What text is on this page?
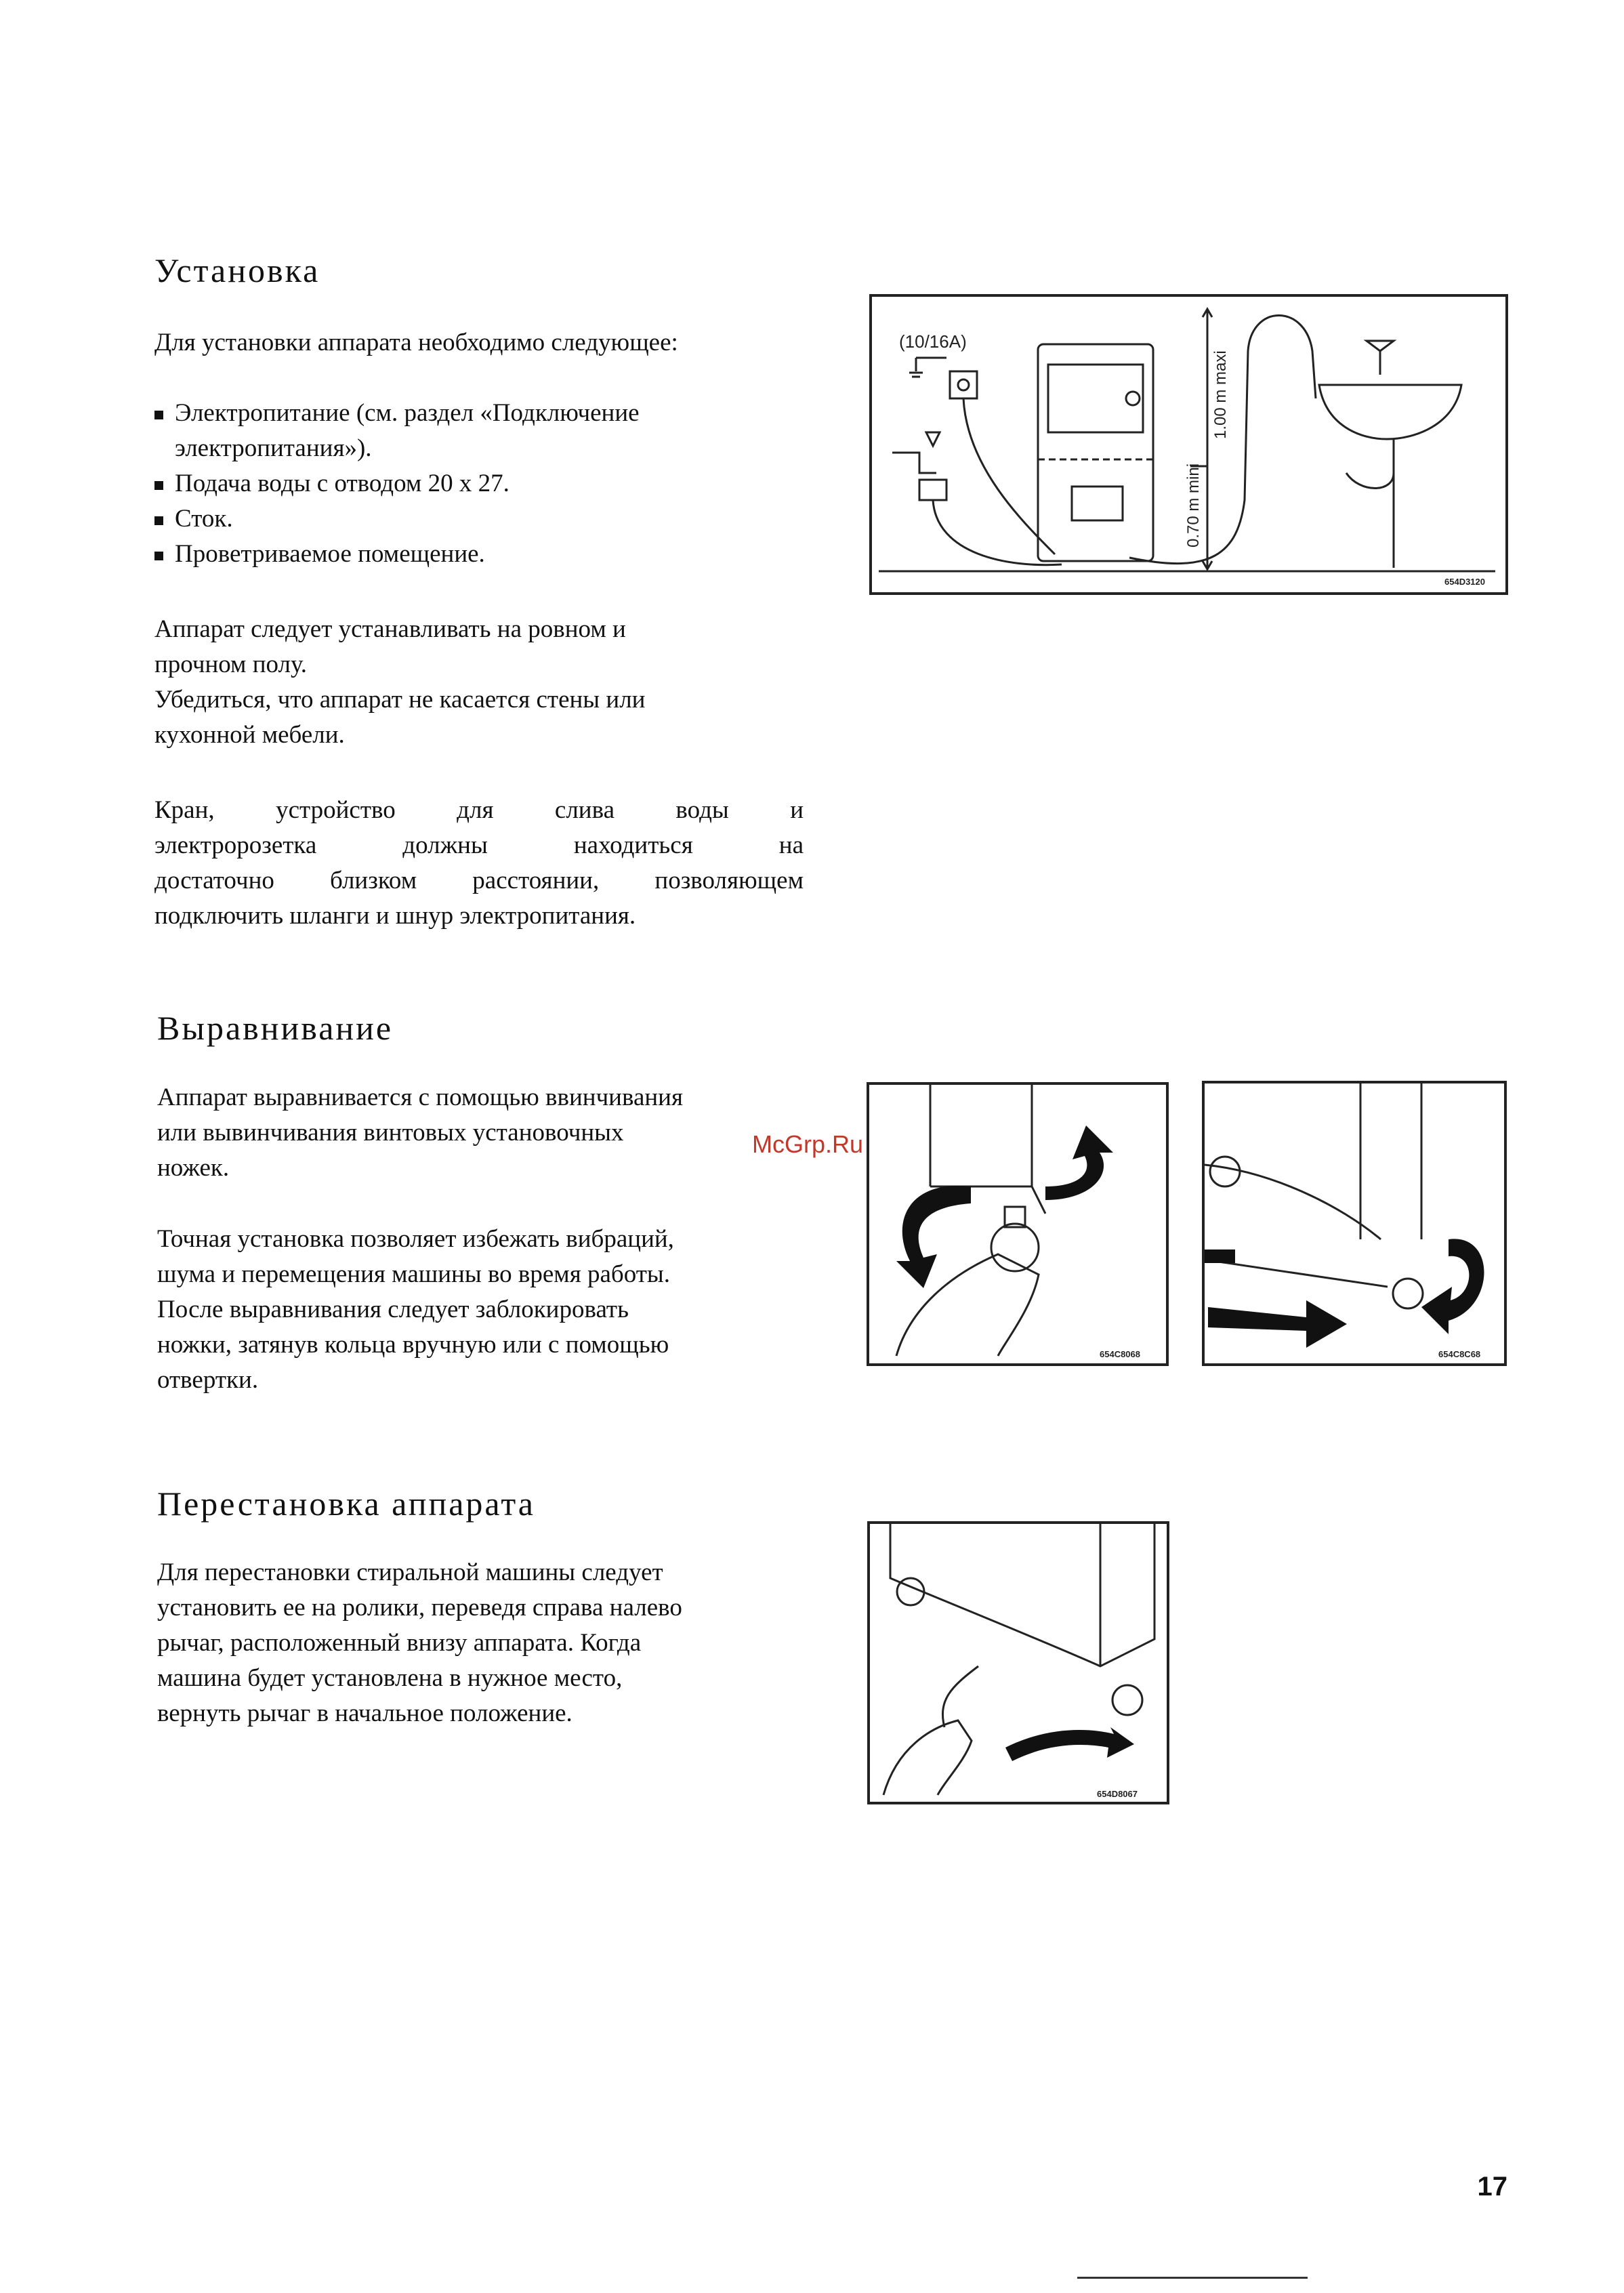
Установка

Для установки аппарата необходимо следующее:

Электропитание (см. раздел «Подключение
электропитания»).
Подача воды с отводом 20 х 27.
Сток.
Проветриваемое помещение.

Аппарат следует устанавливать на ровном и
прочном полу.
Убедиться, что аппарат не касается стены или
кухонной мебели.

Кран, устройство для слива воды и
электророзетка должны находиться на
достаточно близком расстоянии, позволяющем
подключить шланги и шнур электропитания.

(10/16A)
0.70 m mini
1.00 m maxi
654D3120
Выравнивание

Аппарат выравнивается с помощью ввинчивания
или вывинчивания винтовых установочных
ножек.

Точная установка позволяет избежать вибраций,
шума и перемещения машины во время работы.
После выравнивания следует заблокировать
ножки, затянув кольца вручную или с помощью
отвертки.

McGrp.Ru
654C8068	654C8C68
Перестановка аппарата

Для перестановки стиральной машины следует
установить ее на ролики, переведя справа налево
рычаг, расположенный внизу аппарата. Когда
машина будет установлена в нужное место,
вернуть рычаг в начальное положение.

654D8067
17
